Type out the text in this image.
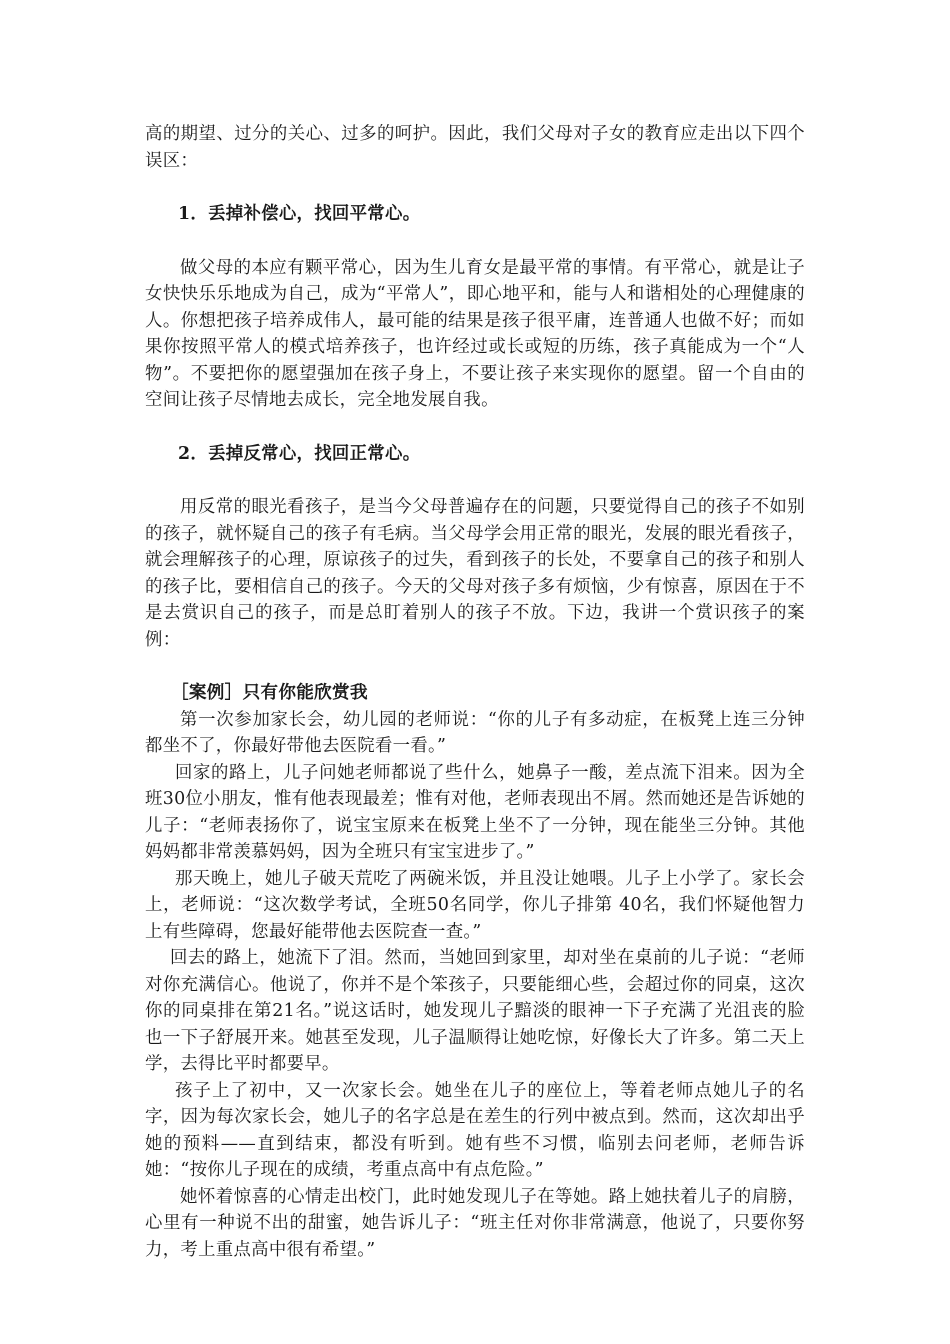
高的期望、过分的关心、过多的呵护。因此，我们父母对子女的教育应走出以下四个误区：

1．丢掉补偿心，找回平常心。

做父母的本应有颗平常心，因为生儿育女是最平常的事情。有平常心，就是让子女快快乐乐地成为自己，成为“平常人”，即心地平和，能与人和谐相处的心理健康的人。你想把孩子培养成伟人，最可能的结果是孩子很平庸，连普通人也做不好；而如果你按照平常人的模式培养孩子，也许经过或长或短的历练，孩子真能成为一个“人物”。不要把你的愿望强加在孩子身上，不要让孩子来实现你的愿望。留一个自由的空间让孩子尽情地去成长，完全地发展自我。

2．丢掉反常心，找回正常心。

用反常的眼光看孩子，是当今父母普遍存在的问题，只要觉得自己的孩子不如别的孩子，就怀疑自己的孩子有毛病。当父母学会用正常的眼光，发展的眼光看孩子，就会理解孩子的心理，原谅孩子的过失，看到孩子的长处，不要拿自己的孩子和别人的孩子比，要相信自己的孩子。今天的父母对孩子多有烦恼，少有惊喜，原因在于不是去赏识自己的孩子，而是总盯着别人的孩子不放。下边，我讲一个赏识孩子的案例：

［案例］只有你能欣赏我

第一次参加家长会，幼儿园的老师说：“你的儿子有多动症，在板凳上连三分钟都坐不了，你最好带他去医院看一看。”

回家的路上，儿子问她老师都说了些什么，她鼻子一酸，差点流下泪来。因为全班30位小朋友，惟有他表现最差；惟有对他，老师表现出不屑。然而她还是告诉她的儿子：“老师表扬你了，说宝宝原来在板凳上坐不了一分钟，现在能坐三分钟。其他妈妈都非常羡慕妈妈，因为全班只有宝宝进步了。”

那天晚上，她儿子破天荒吃了两碗米饭，并且没让她喂。儿子上小学了。家长会上，老师说：“这次数学考试，全班50名同学，你儿子排第 40名，我们怀疑他智力上有些障碍，您最好能带他去医院查一查。”

回去的路上，她流下了泪。然而，当她回到家里，却对坐在桌前的儿子说：“老师对你充满信心。他说了，你并不是个笨孩子，只要能细心些，会超过你的同桌，这次你的同桌排在第21名。”说这话时，她发现儿子黯淡的眼神一下子充满了光沮丧的脸也一下子舒展开来。她甚至发现，儿子温顺得让她吃惊，好像长大了许多。第二天上学，去得比平时都要早。

孩子上了初中，又一次家长会。她坐在儿子的座位上，等着老师点她儿子的名字，因为每次家长会，她儿子的名字总是在差生的行列中被点到。然而，这次却出乎她的预料——直到结束，都没有听到。她有些不习惯，临别去问老师，老师告诉她：“按你儿子现在的成绩，考重点高中有点危险。”

她怀着惊喜的心情走出校门，此时她发现儿子在等她。路上她扶着儿子的肩膀，心里有一种说不出的甜蜜，她告诉儿子：“班主任对你非常满意，他说了，只要你努力，考上重点高中很有希望。”
